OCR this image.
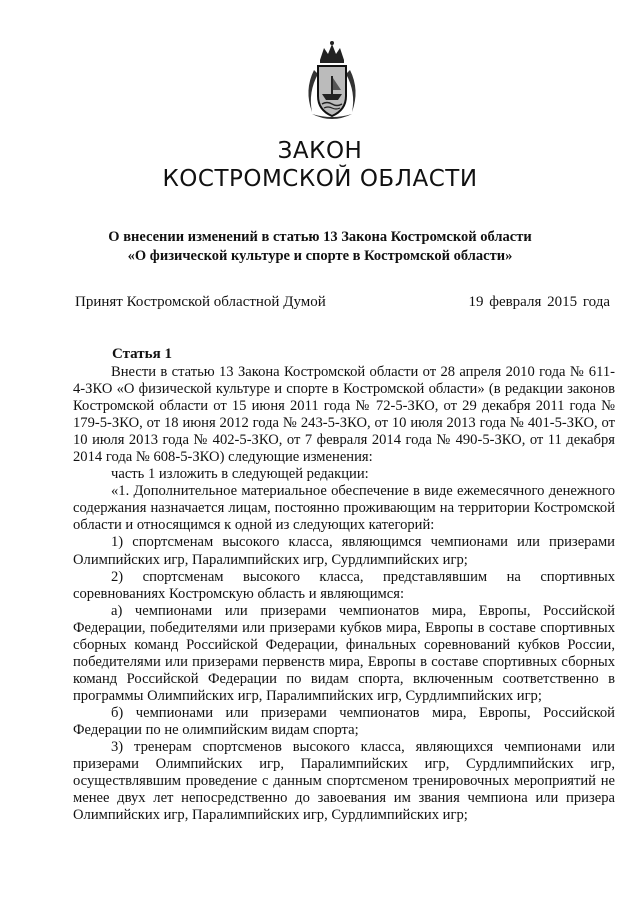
ЗАКОН
КОСТРОМСКОЙ ОБЛАСТИ

О внесении изменений в статью 13 Закона Костромской области

«О физической культуре и спорте в Костромской области»

Принят Костромской областной Думой	19 февраля 2015 года
Статья 1

Внести в статью 13 Закона Костромской области от 28 апреля 2010 года № 611-4-ЗКО «О физической культуре и спорте в Костромской области» (в редакции законов Костромской области от 15 июня 2011 года № 72-5-ЗКО, от 29 декабря 2011 года № 179-5-ЗКО, от 18 июня 2012 года № 243-5-ЗКО, от 10 июля 2013 года № 401-5-ЗКО, от 10 июля 2013 года № 402-5-ЗКО, от 7 февраля 2014 года № 490-5-ЗКО, от 11 декабря 2014 года № 608-5-ЗКО) следующие изменения:

часть 1 изложить в следующей редакции:

«1. Дополнительное материальное обеспечение в виде ежемесячного денежного содержания назначается лицам, постоянно проживающим на территории Костромской области и относящимся к одной из следующих категорий:

1) спортсменам высокого класса, являющимся чемпионами или призерами Олимпийских игр, Паралимпийских игр, Сурдлимпийских игр;

2) спортсменам высокого класса, представлявшим на спортивных соревнованиях Костромскую область и являющимся:

а) чемпионами или призерами чемпионатов мира, Европы, Российской Федерации, победителями или призерами кубков мира, Европы в составе спортивных сборных команд Российской Федерации, финальных соревнований кубков России, победителями или призерами первенств мира, Европы в составе спортивных сборных команд Российской Федерации по видам спорта, включенным соответственно в программы Олимпийских игр, Паралимпийских игр, Сурдлимпийских игр;

б) чемпионами или призерами чемпионатов мира, Европы, Российской Федерации по не олимпийским видам спорта;

3) тренерам спортсменов высокого класса, являющихся чемпионами или призерами Олимпийских игр, Паралимпийских игр, Сурдлимпийских игр, осуществлявшим проведение с данным спортсменом тренировочных мероприятий не менее двух лет непосредственно до завоевания им звания чемпиона или призера Олимпийских игр, Паралимпийских игр, Сурдлимпийских игр;
